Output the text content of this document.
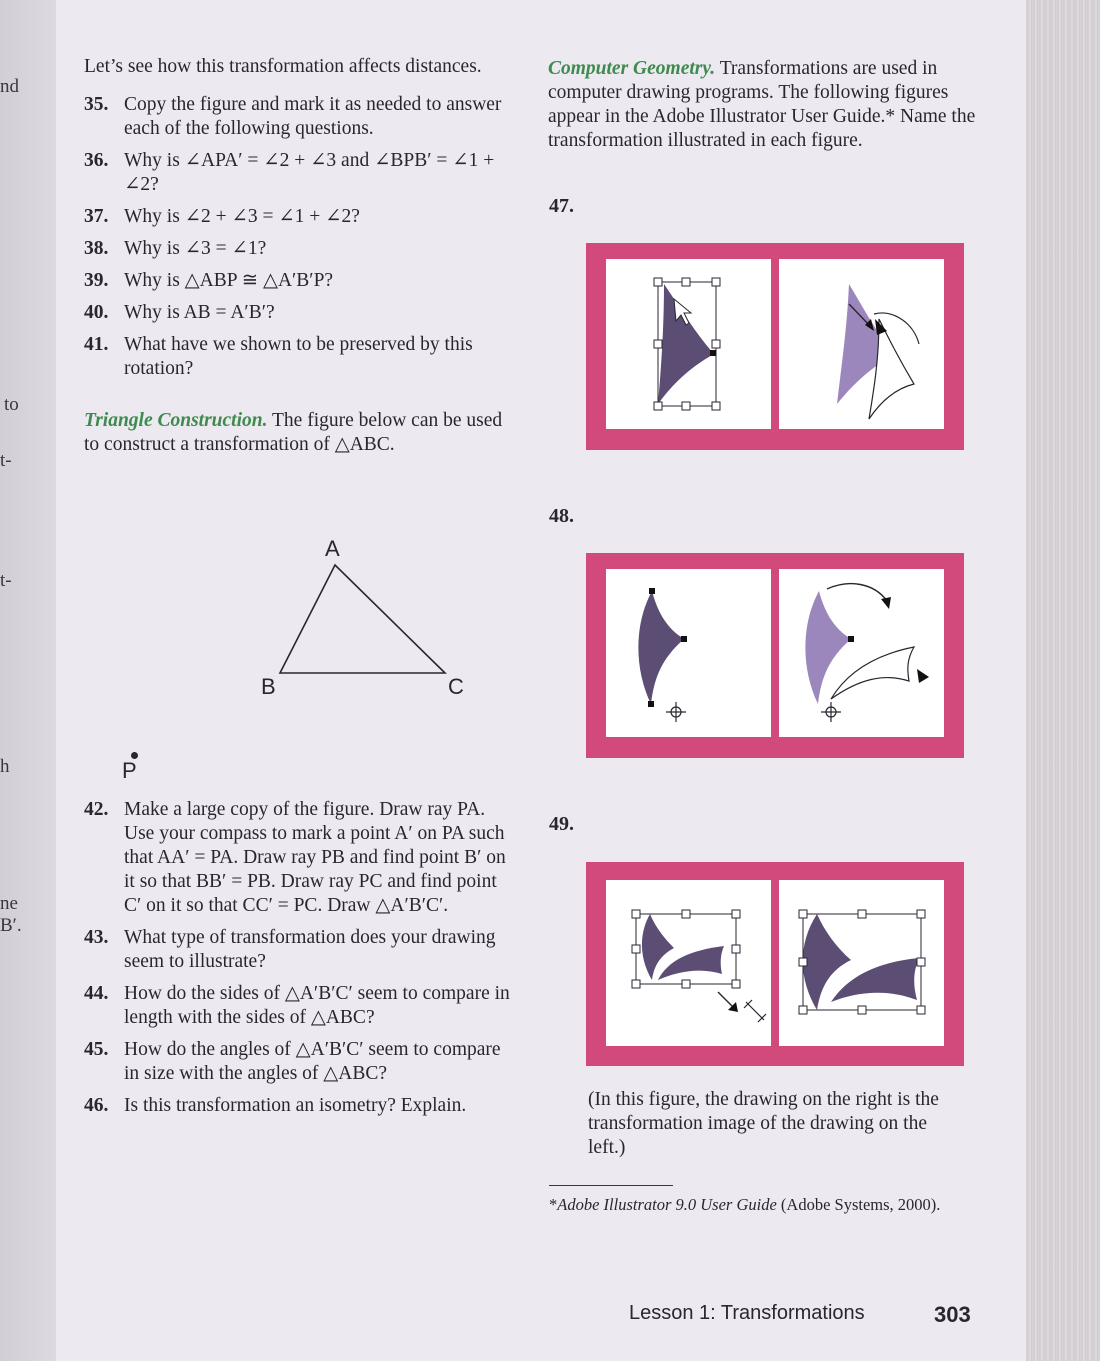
nd
to
t-
t-
h
ne
B′.

Let’s see how this transformation affects distances.

35. Copy the figure and mark it as needed to answer each of the following questions.
36. Why is ∠APA′ = ∠2 + ∠3 and ∠BPB′ = ∠1 + ∠2?
37. Why is ∠2 + ∠3 = ∠1 + ∠2?
38. Why is ∠3 = ∠1?
39. Why is △ABP ≅ △A′B′P?
40. Why is AB = A′B′?
41. What have we shown to be preserved by this rotation?

Triangle Construction. The figure below can be used to construct a transformation of △ABC.

A
B	C
P
42. Make a large copy of the figure. Draw ray PA. Use your compass to mark a point A′ on PA such that AA′ = PA. Draw ray PB and find point B′ on it so that BB′ = PB. Draw ray PC and find point C′ on it so that CC′ = PC. Draw △A′B′C′.
43. What type of transformation does your drawing seem to illustrate?
44. How do the sides of △A′B′C′ seem to compare in length with the sides of △ABC?
45. How do the angles of △A′B′C′ seem to compare in size with the angles of △ABC?
46. Is this transformation an isometry? Explain.

Computer Geometry. Transformations are used in computer drawing programs. The following figures appear in the Adobe Illustrator User Guide.* Name the transformation illustrated in each figure.

47.
48.
49.
(In this figure, the drawing on the right is the transformation image of the drawing on the left.)
*Adobe Illustrator 9.0 User Guide (Adobe Systems, 2000).
Lesson 1: Transformations	303
